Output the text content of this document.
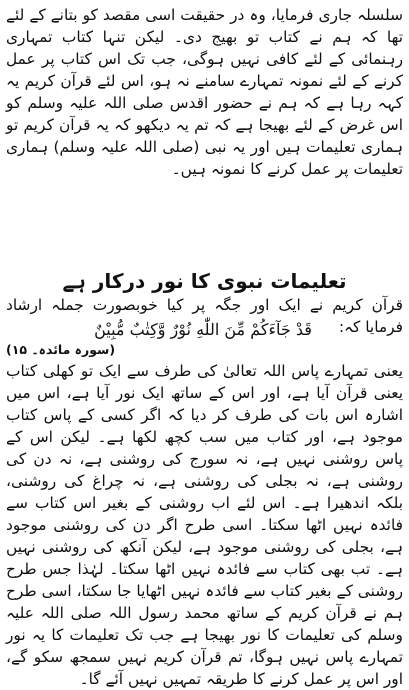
سلسلہ جاری فرمایا، وہ در حقیقت اسی مقصد کو بتانے کے لئے تھا کہ ہم نے کتاب تو بھیج دی۔ لیکن تنہا کتاب تمہاری رہنمائی کے لئے کافی نہیں ہوگی، جب تک اس کتاب پر عمل کرنے کے لئے نمونہ تمہارے سامنے نہ ہو، اس لئے قرآن کریم یہ کہہ رہا ہے کہ ہم نے حضور اقدس صلی اللہ علیہ وسلم کو اس غرض کے لئے بھیجا ہے کہ تم یہ دیکھو کہ یہ قرآن کریم تو ہماری تعلیمات ہیں اور یہ نبی (صلی اللہ علیہ وسلم) ہماری تعلیمات پر عمل کرنے کا نمونہ ہیں۔

تعلیمات نبوی کا نور درکار ہے

قرآن کریم نے ایک اور جگہ پر کیا خوبصورت جملہ ارشاد فرمایا کہ:

قَدْ جَآءَكُمْ مِّنَ اللّٰهِ نُوْرٌ وَّكِتٰبٌ مُّبِيْنٌ

(سورہ مائدہ۔ ۱۵)

یعنی تمہارے پاس اللہ تعالیٰ کی طرف سے ایک تو کھلی کتاب یعنی قرآن آیا ہے، اور اس کے ساتھ ایک نور آیا ہے، اس میں اشارہ اس بات کی طرف کر دیا کہ اگر کسی کے پاس کتاب موجود ہے، اور کتاب میں سب کچھ لکھا ہے۔ لیکن اس کے پاس روشنی نہیں ہے، نہ سورج کی روشنی ہے، نہ دن کی روشنی ہے، نہ بجلی کی روشنی ہے، نہ چراغ کی روشنی، بلکہ اندھیرا ہے۔ اس لئے اب روشنی کے بغیر اس کتاب سے فائدہ نہیں اٹھا سکتا۔ اسی طرح اگر دن کی روشنی موجود ہے، بجلی کی روشنی موجود ہے، لیکن آنکھ کی روشنی نہیں ہے۔ تب بھی کتاب سے فائدہ نہیں اٹھا سکتا۔ لہٰذا جس طرح روشنی کے بغیر کتاب سے فائدہ نہیں اٹھایا جا سکتا، اسی طرح ہم نے قرآن کریم کے ساتھ محمد رسول اللہ صلی اللہ علیہ وسلم کی تعلیمات کا نور بھیجا ہے جب تک تعلیمات کا یہ نور تمہارے پاس نہیں ہوگا، تم قرآن کریم نہیں سمجھ سکو گے، اور اس پر عمل کرنے کا طریقہ تمہیں نہیں آئے گا۔
